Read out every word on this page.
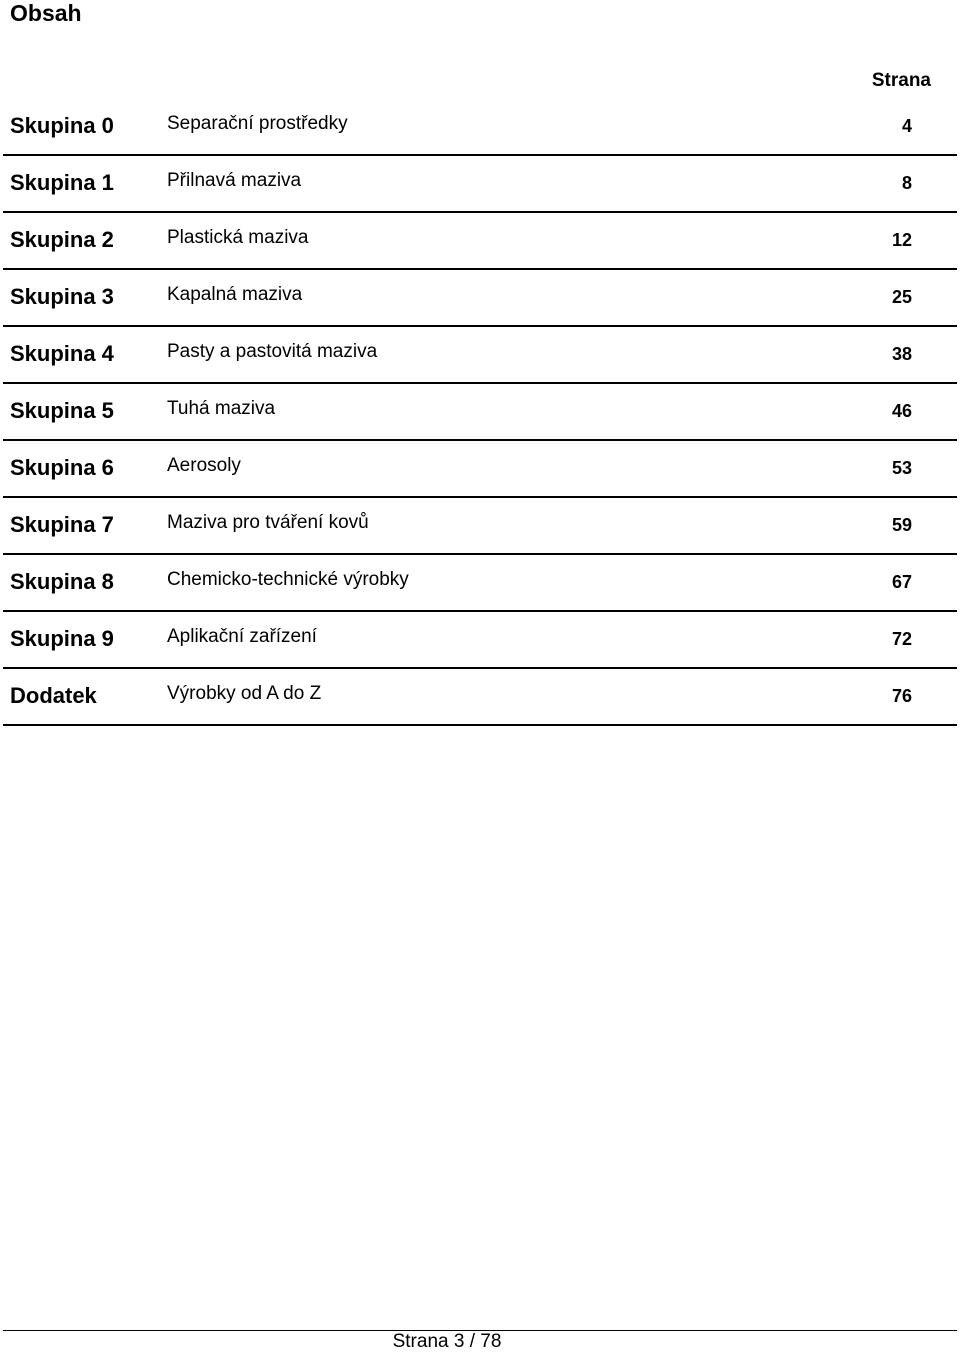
Obsah
Strana
Skupina 0	Separační prostředky	4
Skupina 1	Přilnavá maziva	8
Skupina 2	Plastická maziva	12
Skupina 3	Kapalná maziva	25
Skupina 4	Pasty a pastovitá maziva	38
Skupina 5	Tuhá maziva	46
Skupina 6	Aerosoly	53
Skupina 7	Maziva pro tváření kovů	59
Skupina 8	Chemicko-technické výrobky	67
Skupina 9	Aplikační zařízení	72
Dodatek	Výrobky od A do Z	76
Strana 3 / 78
